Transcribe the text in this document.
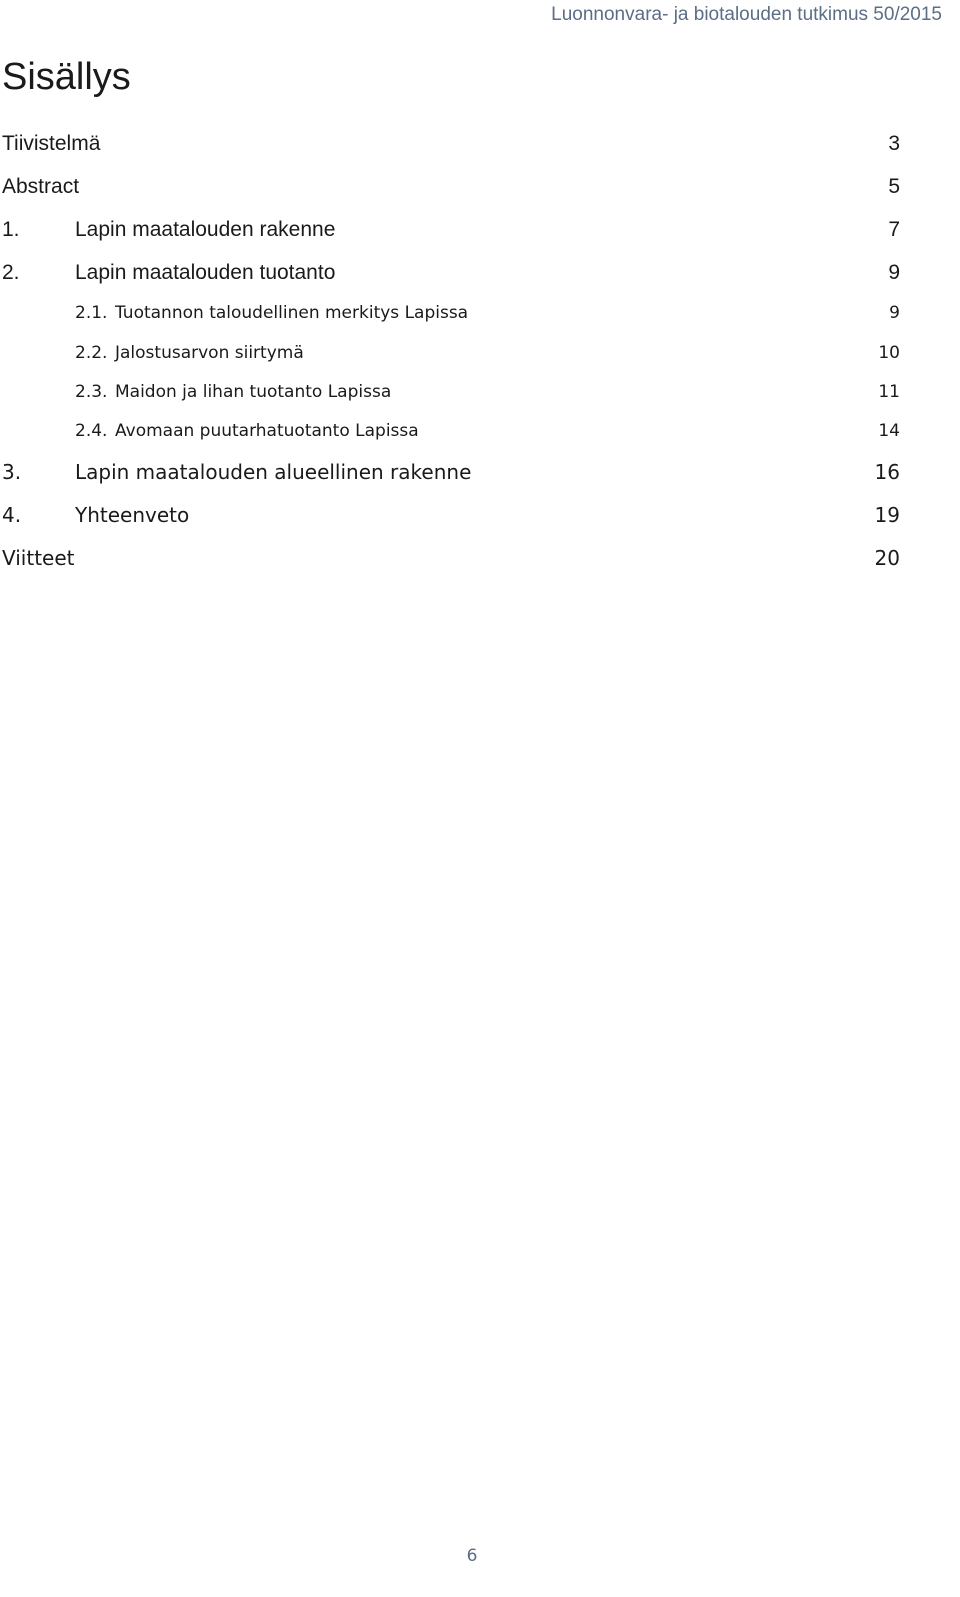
Luonnonvara- ja biotalouden tutkimus 50/2015
Sisällys
Tiivistelmä	3
Abstract	5
1.	Lapin maatalouden rakenne	7
2.	Lapin maatalouden tuotanto	9
2.1. Tuotannon taloudellinen merkitys Lapissa	9
2.2. Jalostusarvon siirtymä	10
2.3. Maidon ja lihan tuotanto Lapissa	11
2.4. Avomaan puutarhatuotanto Lapissa	14
3.	Lapin maatalouden alueellinen rakenne	16
4.	Yhteenveto	19
Viitteet	20
6
